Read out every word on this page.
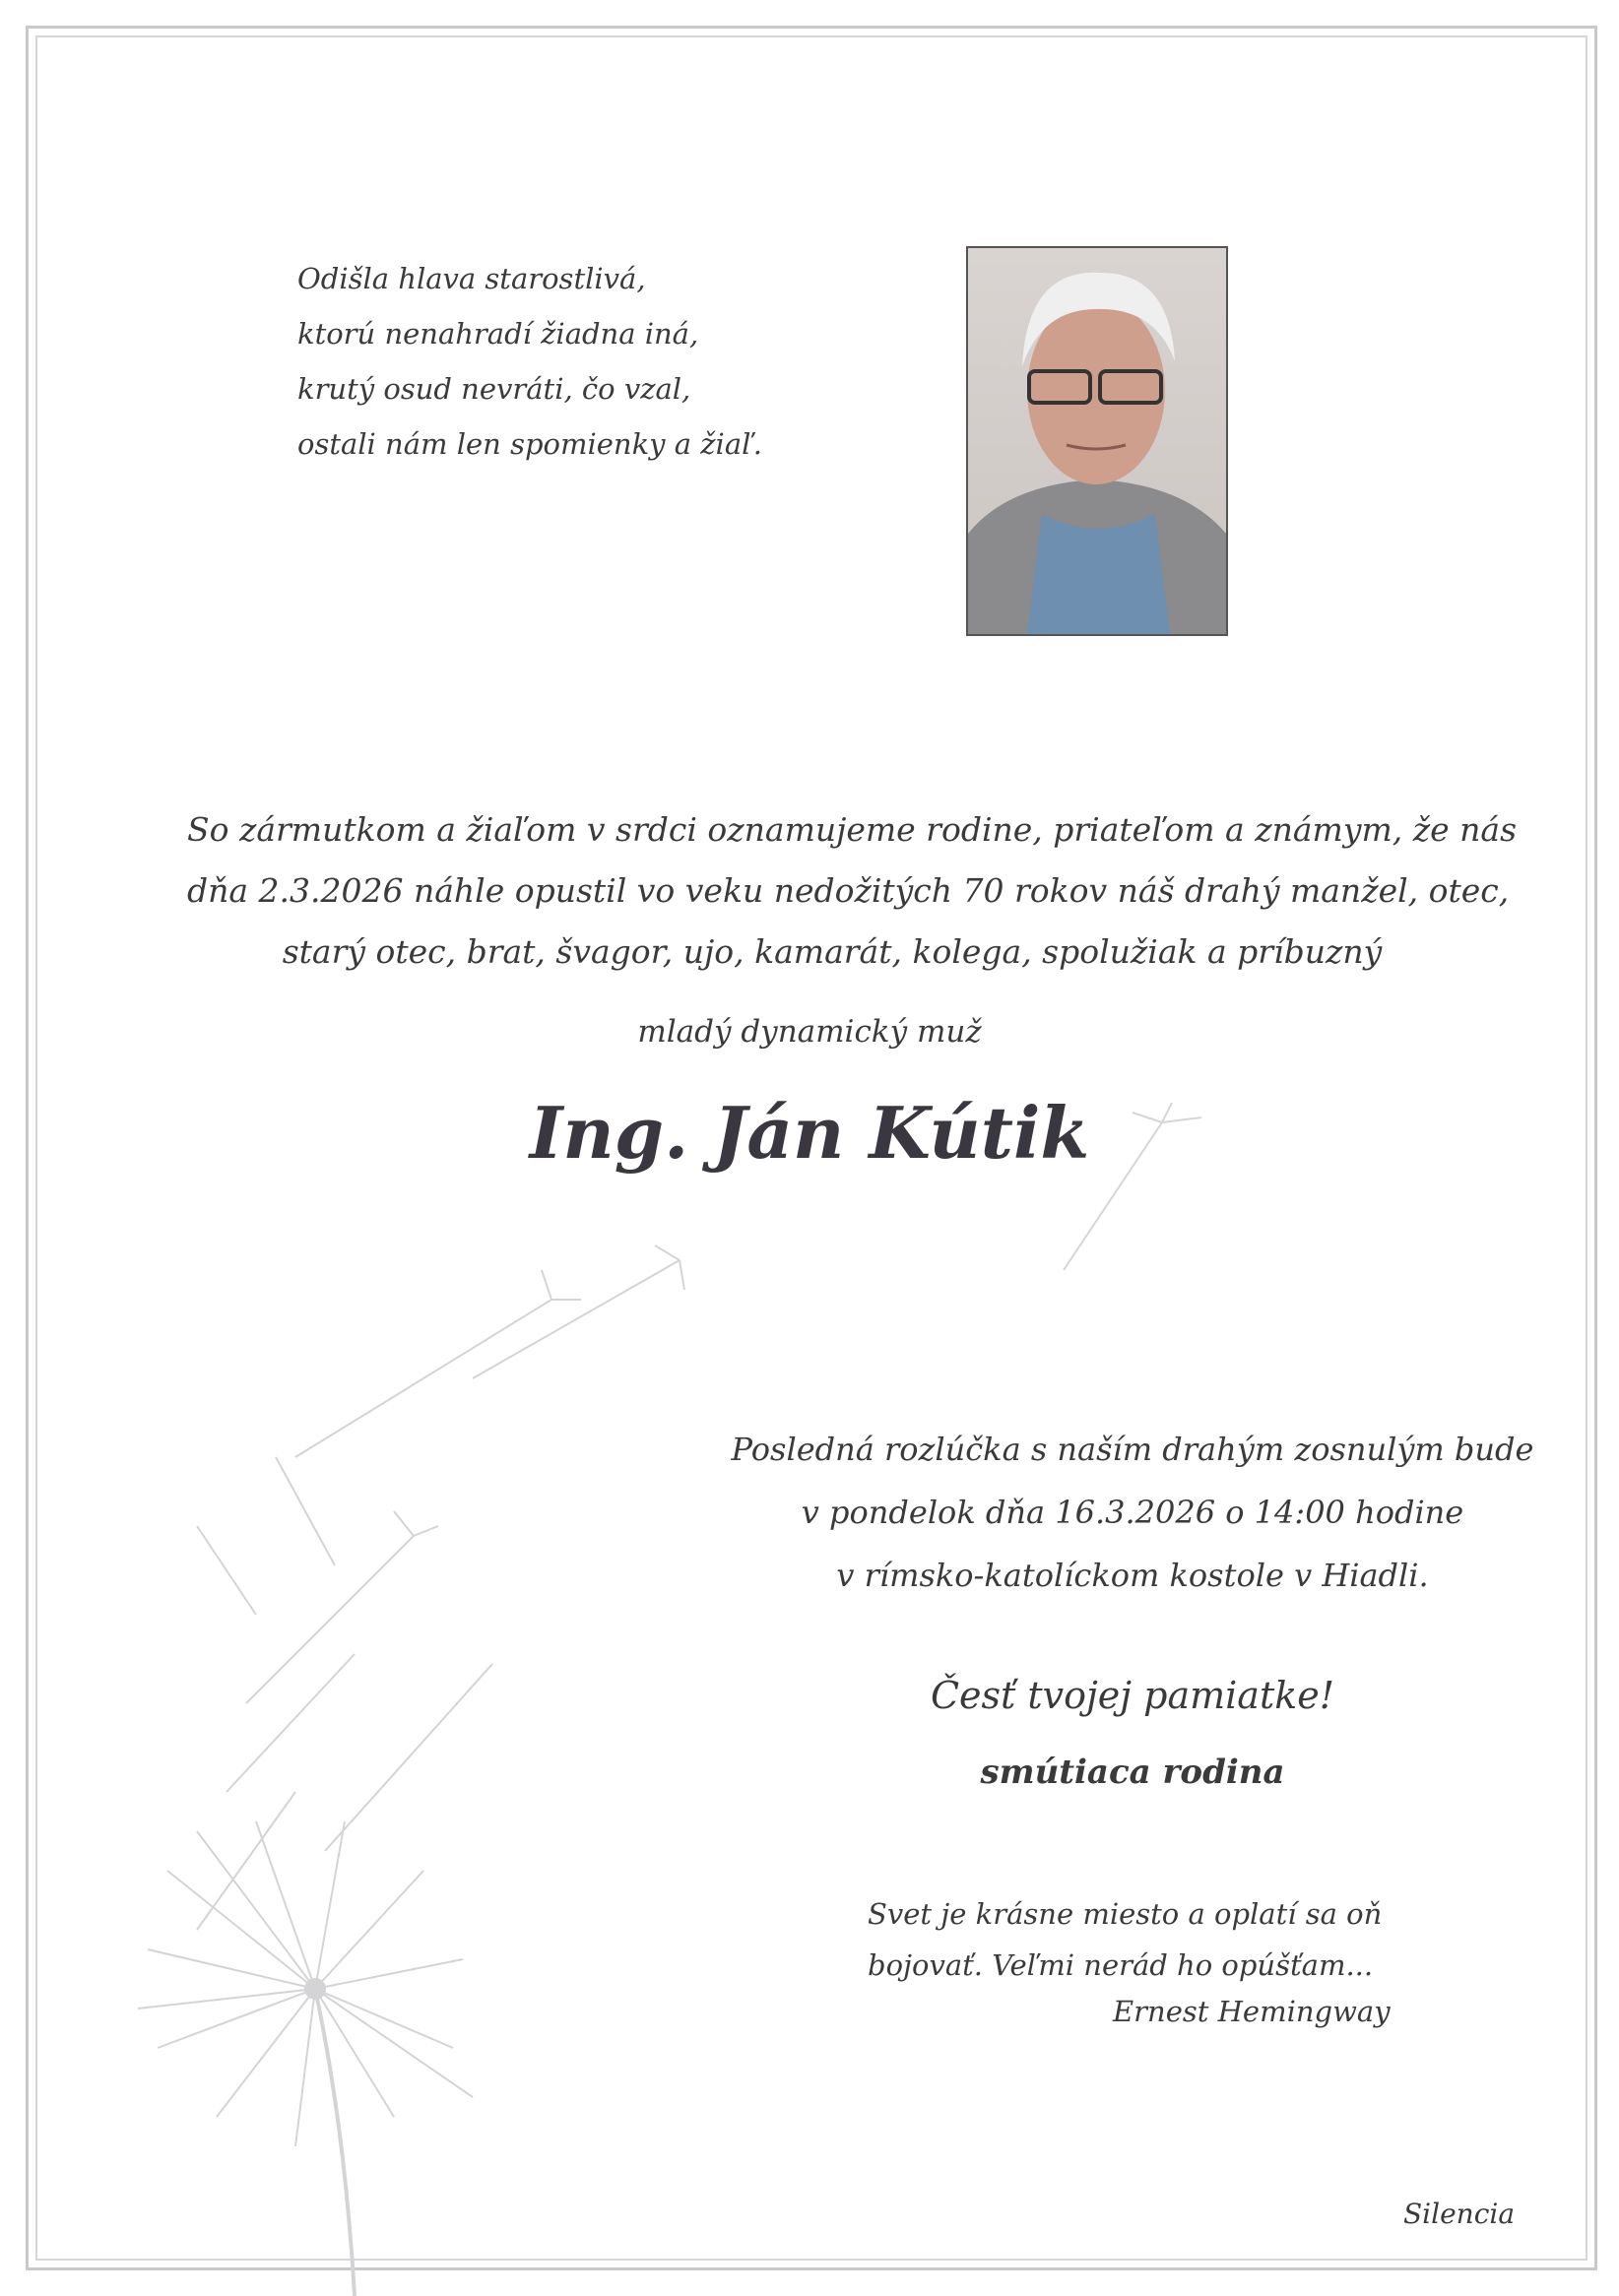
Odišla hlava starostlivá,
ktorú nenahradí žiadna iná,
krutý osud nevráti, čo vzal,
ostali nám len spomienky a žiaľ.
So zármutkom a žiaľom v srdci oznamujeme rodine, priateľom a známym, že nás
dňa 2.3.2026 náhle opustil vo veku nedožitých 70 rokov náš drahý manžel, otec,
starý otec, brat, švagor, ujo, kamarát, kolega, spolužiak a príbuzný
mladý dynamický muž
Ing. Ján Kútik
Posledná rozlúčka s naším drahým zosnulým bude
v pondelok dňa 16.3.2026 o 14:00 hodine
v rímsko-katolíckom kostole v Hiadli.
Česť tvojej pamiatke!
smútiaca rodina
Svet je krásne miesto a oplatí sa oň
bojovať. Veľmi nerád ho opúšťam...
Ernest Hemingway
Silencia
